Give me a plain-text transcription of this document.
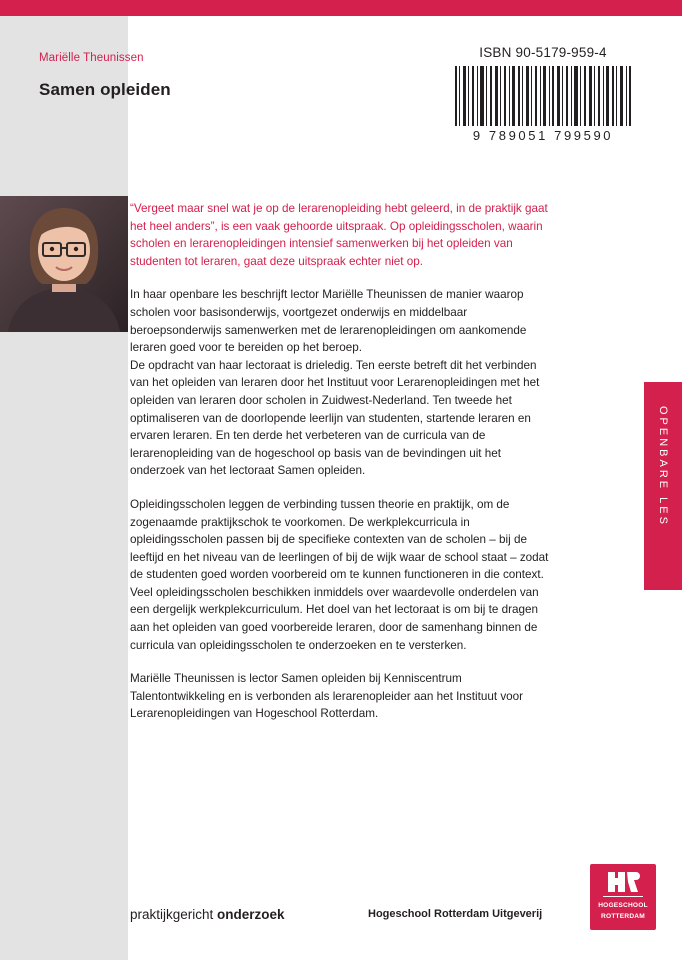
Mariëlle Theunissen
Samen opleiden
ISBN 90-5179-959-4
9 789051 799590
OPENBARE LES

“Vergeet maar snel wat je op de lerarenopleiding hebt geleerd, in de praktijk gaat het heel anders”, is een vaak gehoorde uitspraak. Op opleidingsscholen, waarin scholen en lerarenopleidingen intensief samenwerken bij het opleiden van studenten tot leraren, gaat deze uitspraak echter niet op.

In haar openbare les beschrijft lector Mariëlle Theunissen de manier waarop scholen voor basisonderwijs, voortgezet onderwijs en middelbaar beroepsonderwijs samenwerken met de lerarenopleidingen om aankomende leraren goed voor te bereiden op het beroep.

De opdracht van haar lectoraat is drieledig. Ten eerste betreft dit het verbinden van het opleiden van leraren door het Instituut voor Lerarenopleidingen met het opleiden van leraren door scholen in Zuidwest-Nederland. Ten tweede het optimaliseren van de doorlopende leerlijn van studenten, startende leraren en ervaren leraren. En ten derde het verbeteren van de curricula van de lerarenopleiding van de hogeschool op basis van de bevindingen uit het onderzoek van het lectoraat Samen opleiden.

Opleidingsscholen leggen de verbinding tussen theorie en praktijk, om de zogenaamde praktijkschok te voorkomen. De werkplekcurricula in opleidingsscholen passen bij de specifieke contexten van de scholen – bij de leeftijd en het niveau van de leerlingen of bij de wijk waar de school staat – zodat de studenten goed worden voorbereid om te kunnen functioneren in die context. Veel opleidingsscholen beschikken inmiddels over waardevolle onderdelen van een dergelijk werkplekcurriculum. Het doel van het lectoraat is om bij te dragen aan het opleiden van goed voorbereide leraren, door de samenhang binnen de curricula van opleidingsscholen te onderzoeken en te versterken.

Mariëlle Theunissen is lector Samen opleiden bij Kenniscentrum Talentontwikkeling en is verbonden als lerarenopleider aan het Instituut voor Lerarenopleidingen van Hogeschool Rotterdam.

praktijkgericht onderzoek	Hogeschool Rotterdam Uitgeverij
HOGESCHOOL
ROTTERDAM
